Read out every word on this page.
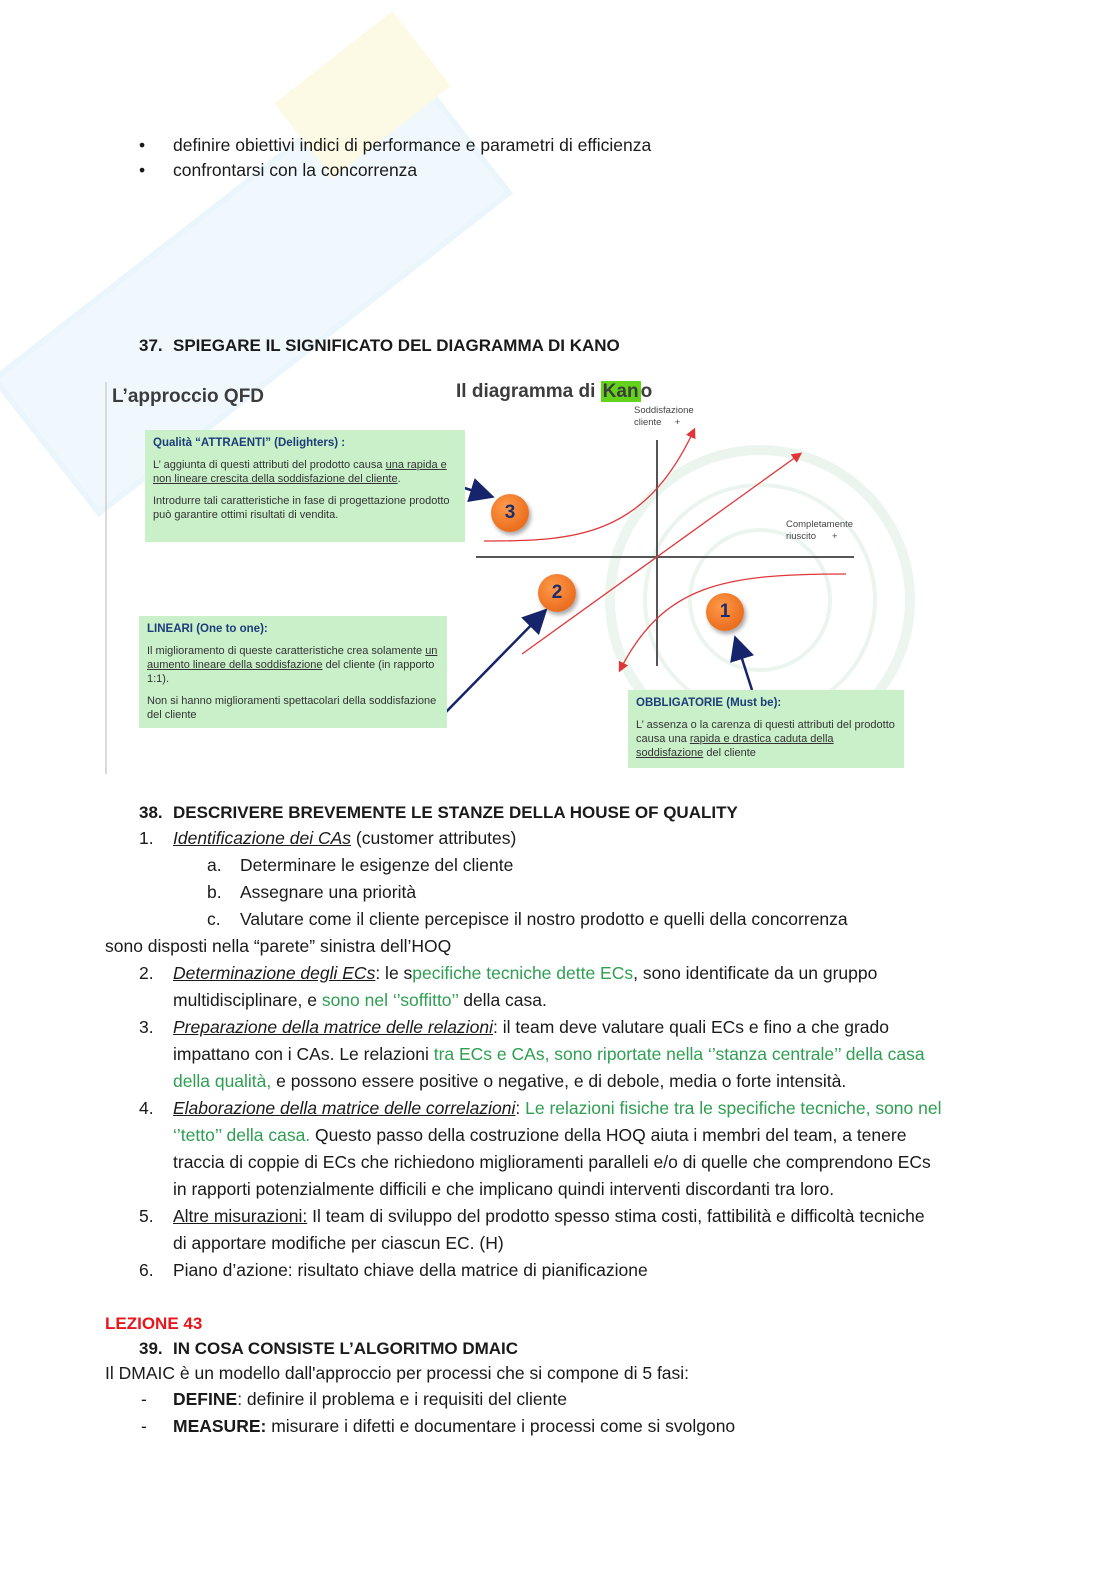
• definire obiettivi indici di performance e parametri di efficienza
• confrontarsi con la concorrenza
37. SPIEGARE IL SIGNIFICATO DEL DIAGRAMMA DI KANO
L’approccio QFD	Il diagramma di Kan o
Soddisfazione
cliente +
Completamente
riuscito +
3
2
1
Qualità “ATTRAENTI” (Delighters) :

L’ aggiunta di questi attributi del prodotto causa una rapida e non lineare crescita della soddisfazione del cliente.

Introdurre tali caratteristiche in fase di progettazione prodotto può garantire ottimi risultati di vendita.

LINEARI (One to one):

Il miglioramento di queste caratteristiche crea solamente un aumento lineare della soddisfazione del cliente (in rapporto 1:1).

Non si hanno miglioramenti spettacolari della soddisfazione del cliente

OBBLIGATORIE (Must be):

L’ assenza o la carenza di questi attributi del prodotto causa una rapida e drastica caduta della soddisfazione del cliente

38. DESCRIVERE BREVEMENTE LE STANZE DELLA HOUSE OF QUALITY
1. Identificazione dei CAs (customer attributes)
a. Determinare le esigenze del cliente
b. Assegnare una priorità
c. Valutare come il cliente percepisce il nostro prodotto e quelli della concorrenza
sono disposti nella “parete” sinistra dell’HOQ
2. Determinazione degli ECs: le specifiche tecniche dette ECs, sono identificate da un gruppo
multidisciplinare, e sono nel ‘’soffitto’’ della casa.
3. Preparazione della matrice delle relazioni: il team deve valutare quali ECs e fino a che grado
impattano con i CAs. Le relazioni tra ECs e CAs, sono riportate nella ‘’stanza centrale’’ della casa
della qualità, e possono essere positive o negative, e di debole, media o forte intensità.
4. Elaborazione della matrice delle correlazioni: Le relazioni fisiche tra le specifiche tecniche, sono nel
‘’tetto’’ della casa. Questo passo della costruzione della HOQ aiuta i membri del team, a tenere
traccia di coppie di ECs che richiedono miglioramenti paralleli e/o di quelle che comprendono ECs
in rapporti potenzialmente difficili e che implicano quindi interventi discordanti tra loro.
5. Altre misurazioni: Il team di sviluppo del prodotto spesso stima costi, fattibilità e difficoltà tecniche
di apportare modifiche per ciascun EC. (H)
6. Piano d’azione: risultato chiave della matrice di pianificazione
LEZIONE 43
39. IN COSA CONSISTE L’ALGORITMO DMAIC
Il DMAIC è un modello dall'approccio per processi che si compone di 5 fasi:
- DEFINE: definire il problema e i requisiti del cliente
- MEASURE: misurare i difetti e documentare i processi come si svolgono
